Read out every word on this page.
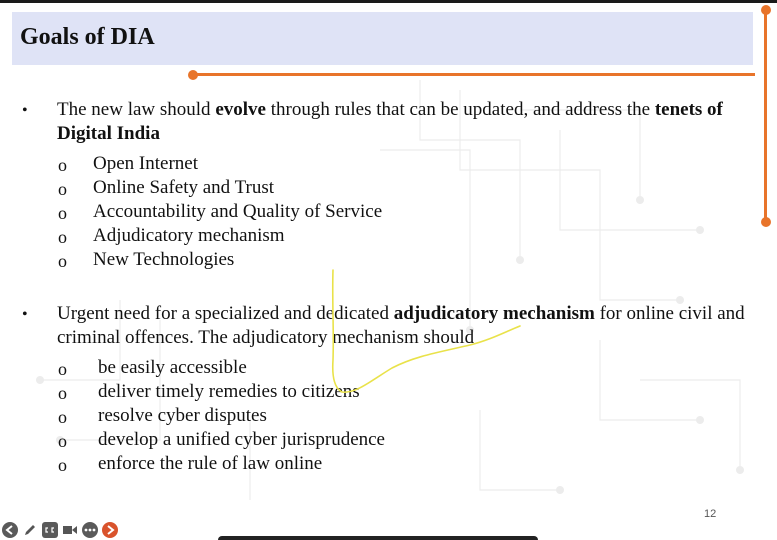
Goals of DIA
• The new law should evolve through rules that can be updated, and address the tenets of Digital India
o Open Internet
o Online Safety and Trust
o Accountability and Quality of Service
o Adjudicatory mechanism
o New Technologies
• Urgent need for a specialized and dedicated adjudicatory mechanism for online civil and criminal offences. The adjudicatory mechanism should
o be easily accessible
o deliver timely remedies to citizens
o resolve cyber disputes
o develop a unified cyber jurisprudence
o enforce the rule of law online
12
